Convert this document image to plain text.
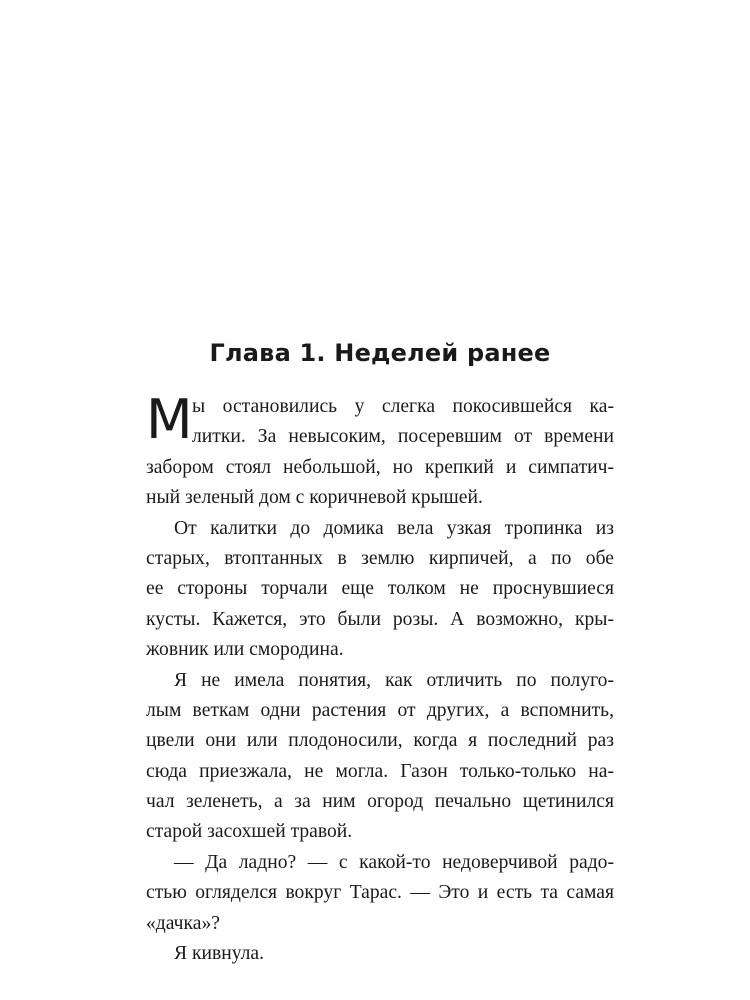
Глава 1. Неделей ранее
М ы остановились у слегка покосившейся ка-
литки. За невысоким, посеревшим от времени
забором стоял небольшой, но крепкий и симпатич-
ный зеленый дом с коричневой крышей.
От калитки до домика вела узкая тропинка из
старых, втоптанных в землю кирпичей, а по обе
ее стороны торчали еще толком не проснувшиеся
кусты. Кажется, это были розы. А возможно, кры-
жовник или смородина.
Я не имела понятия, как отличить по полуго-
лым веткам одни растения от других, а вспомнить,
цвели они или плодоносили, когда я последний раз
сюда приезжала, не могла. Газон только-только на-
чал зеленеть, а за ним огород печально щетинился
старой засохшей травой.
— Да ладно? — с какой-то недоверчивой радо-
стью огляделся вокруг Тарас. — Это и есть та самая
«дачка»?
Я кивнула.
